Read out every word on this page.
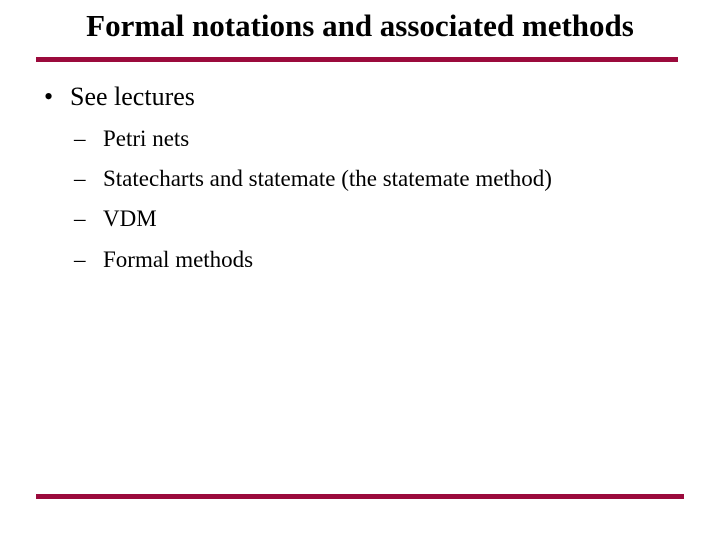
Formal notations and associated methods
• See lectures
– Petri nets
– Statecharts and statemate (the statemate method)
– VDM
– Formal methods
